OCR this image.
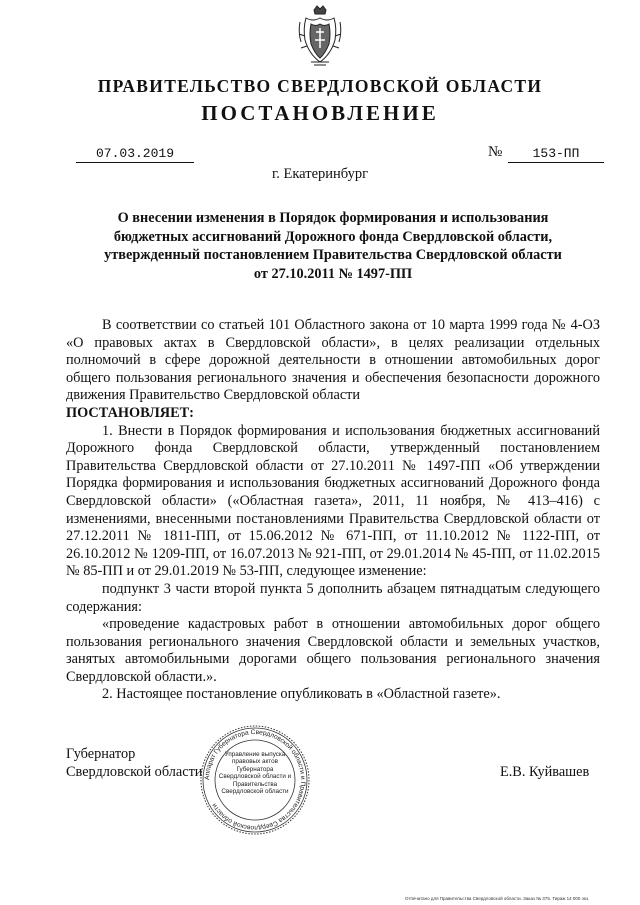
ПРАВИТЕЛЬСТВО СВЕРДЛОВСКОЙ ОБЛАСТИ
ПОСТАНОВЛЕНИЕ
07.03.2019	№	153-ПП
г. Екатеринбург
О внесении изменения в Порядок формирования и использования
бюджетных ассигнований Дорожного фонда Свердловской области,
утвержденный постановлением Правительства Свердловской области
от 27.10.2011 № 1497-ПП

В соответствии со статьей 101 Областного закона от 10 марта 1999 года № 4-ОЗ «О правовых актах в Свердловской области», в целях реализации отдельных полномочий в сфере дорожной деятельности в отношении автомобильных дорог общего пользования регионального значения и обеспечения безопасности дорожного движения Правительство Свердловской области

ПОСТАНОВЛЯЕТ:

1. Внести в Порядок формирования и использования бюджетных ассигнований Дорожного фонда Свердловской области, утвержденный постановлением Правительства Свердловской области от 27.10.2011 № 1497-ПП «Об утверждении Порядка формирования и использования бюджетных ассигнований Дорожного фонда Свердловской области» («Областная газета», 2011, 11 ноября, № 413–416) с изменениями, внесенными постановлениями Правительства Свердловской области от 27.12.2011 № 1811-ПП, от 15.06.2012 № 671-ПП, от 11.10.2012 № 1122-ПП, от 26.10.2012 № 1209-ПП, от 16.07.2013 № 921-ПП, от 29.01.2014 № 45-ПП, от 11.02.2015 № 85-ПП и от 29.01.2019 № 53-ПП, следующее изменение:

подпункт 3 части второй пункта 5 дополнить абзацем пятнадцатым следующего содержания:

«проведение кадастровых работ в отношении автомобильных дорог общего пользования регионального значения Свердловской области и земельных участков, занятых автомобильными дорогами общего пользования регионального значения Свердловской области.».

2. Настоящее постановление опубликовать в «Областной газете».

Губернатор
Свердловской области	Е.В. Куйвашев
Аппарат Губернатора Свердловской области и Правительства Свердловской области
Управление выпуска правовых актов Губернатора Свердловской области и Правительства Свердловской области
Отпечатано для Правительства Свердловской области. Заказ № 375. Тираж 14 000 экз.
